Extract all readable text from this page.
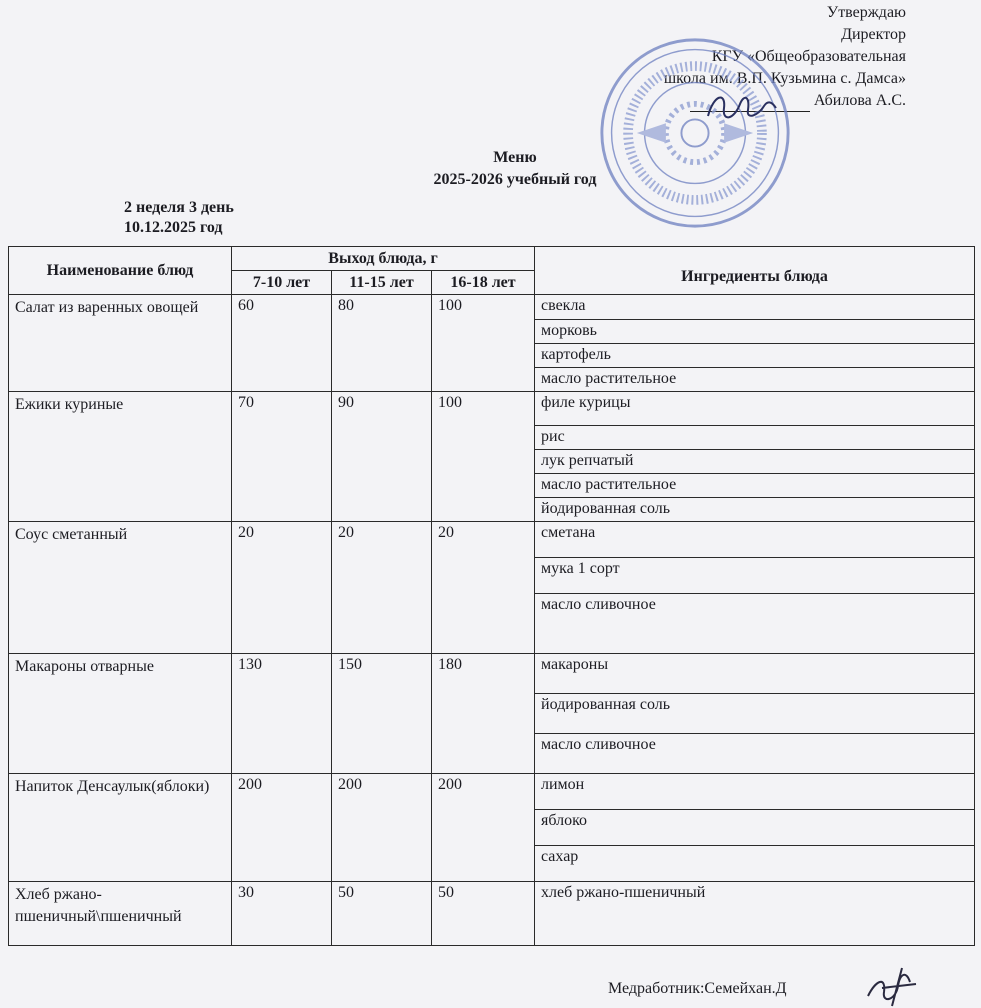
Утверждаю
Директор
КГУ «Общеобразовательная
школа им. В.П. Кузьмина с. Дамса»
Абилова А.С.
Меню
2025-2026 учебный год
2 неделя 3 день
10.12.2025 год
Наименование блюд	Выход блюда, г			Ингредиенты блюда
	7-10 лет	11-15 лет	16-18 лет	
Салат из варенных овощей	60	80	100	свекла
				морковь
				картофель
				масло растительное
Ежики куриные	70	90	100	филе курицы
				рис
				лук репчатый
				масло растительное
				йодированная соль
Соус сметанный	20	20	20	сметана
				мука 1 сорт
				масло сливочное
Макароны отварные	130	150	180	макароны
				йодированная соль
				масло сливочное
Напиток Денсаулык(яблоки)	200	200	200	лимон
				яблоко
				сахар
Хлеб ржано-пшеничный\пшеничный	30	50	50	хлеб ржано-пшеничный
Медработник:Семейхан.Д
